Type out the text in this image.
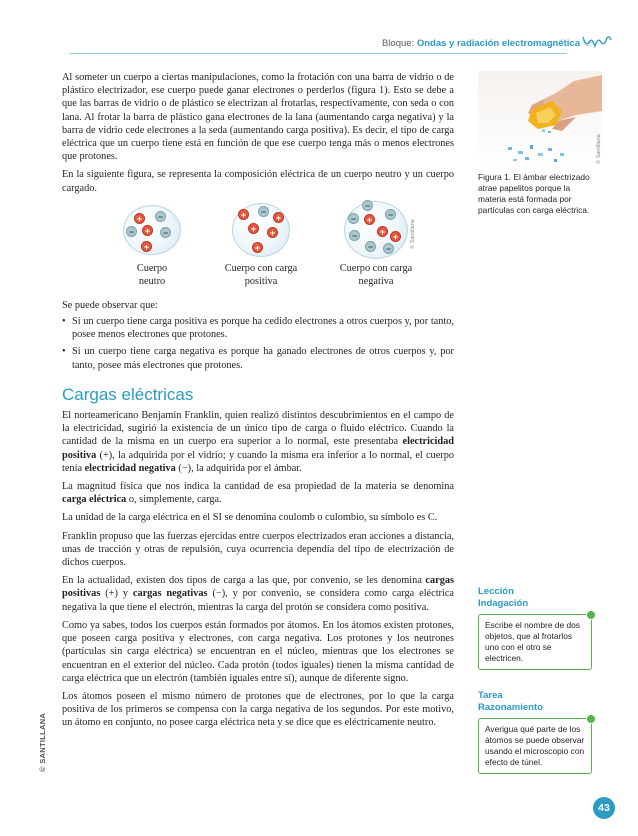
Bloque: Ondas y radiación electromagnética

Al someter un cuerpo a ciertas manipulaciones, como la frotación con una barra de vidrio o de plástico electrizador, ese cuerpo puede ganar electrones o perderlos (figura 1). Esto se debe a que las barras de vidrio o de plástico se electrizan al frotarlas, respectivamente, con seda o con lana. Al frotar la barra de plástico gana electrones de la lana (aumentando carga negativa) y la barra de vidrio cede electrones a la seda (aumentando carga positiva). Es decir, el tipo de carga eléctrica que un cuerpo tiene está en función de que ese cuerpo tenga más o menos electrones que protones.

En la siguiente figura, se representa la composición eléctrica de un cuerpo neutro y un cuerpo cargado.

+	−
−	+	−
+
+	−
+
+	+
+
−
−	+	−
−	+ +
−	−	© Santillana
Cuerpo
neutro
Cuerpo con carga
positiva
Cuerpo con carga
negativa

Se puede observar que:

• Si un cuerpo tiene carga positiva es porque ha cedido electrones a otros cuerpos y, por tanto, posee menos electrones que protones.
• Si un cuerpo tiene carga negativa es porque ha ganado electrones de otros cuerpos y, por tanto, posee más electrones que protones.
Cargas eléctricas

El norteamericano Benjamín Franklin, quien realizó distintos descubrimientos en el campo de la electricidad, sugirió la existencia de un único tipo de carga o fluido eléctrico. Cuando la cantidad de la misma en un cuerpo era superior a lo normal, este presentaba electricidad positiva (+), la adquirida por el vidrio; y cuando la misma era inferior a lo normal, el cuerpo tenía electricidad negativa (−), la adquirida por el ámbar.

La magnitud física que nos indica la cantidad de esa propiedad de la materia se denomina carga eléctrica o, simplemente, carga.

La unidad de la carga eléctrica en el SI se denomina coulomb o culombio, su símbolo es C.

Franklin propuso que las fuerzas ejercidas entre cuerpos electrizados eran acciones a distancia, unas de tracción y otras de repulsión, cuya ocurrencia dependía del tipo de electrización de dichos cuerpos.

En la actualidad, existen dos tipos de carga a las que, por convenio, se les denomina cargas positivas (+) y cargas negativas (−), y por convenio, se considera como carga eléctrica negativa la que tiene el electrón, mientras la carga del protón se considera como positiva.

Como ya sabes, todos los cuerpos están formados por átomos. En los átomos existen protones, que poseen carga positiva y electrones, con carga negativa. Los protones y los neutrones (partículas sin carga eléctrica) se encuentran en el núcleo, mientras que los electrones se encuentran en el exterior del núcleo. Cada protón (todos iguales) tienen la misma cantidad de carga eléctrica que un electrón (también iguales entre sí), aunque de diferente signo.

Los átomos poseen el mismo número de protones que de electrones, por lo que la carga positiva de los primeros se compensa con la carga negativa de los segundos. Por este motivo, un átomo en conjunto, no posee carga eléctrica neta y se dice que es eléctricamente neutro.

© Santillana
Figura 1. El ámbar electrizado atrae papelitos porque la materia está formada por partículas con carga eléctrica.
Lección
Indagación
Escribe el nombre de dos objetos, que al frotarlos uno con el otro se electricen.
Tarea
Razonamiento
Averigua qué parte de los átomos se puede observar usando el microscopio con efecto de túnel.
© SANTILLANA
43
